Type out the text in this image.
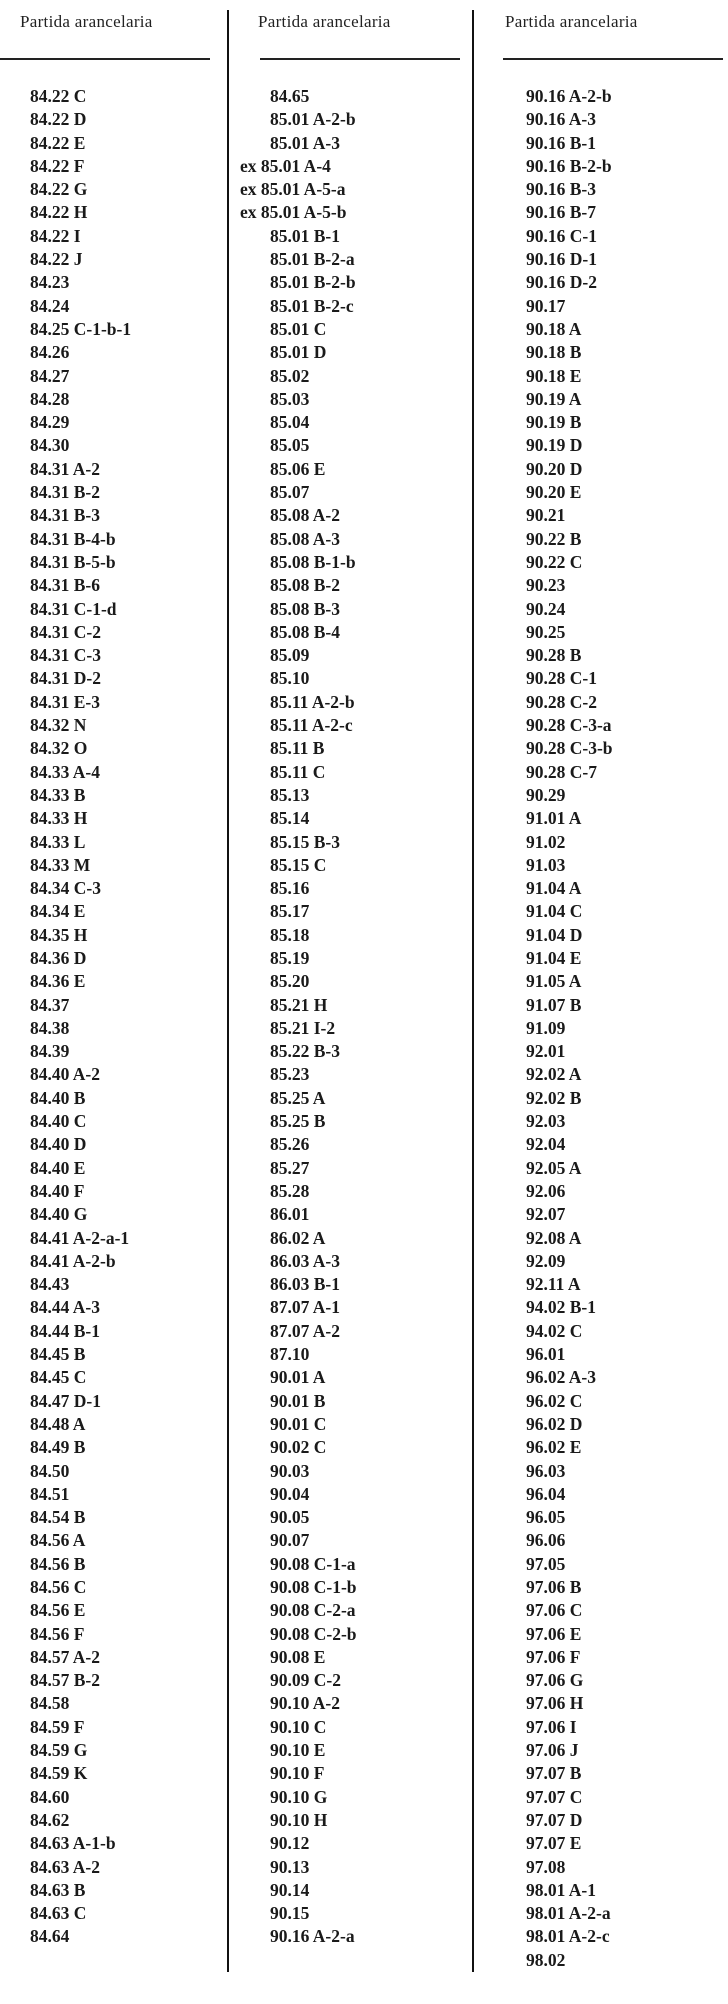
Partida arancelaria
84.22 C
84.22 D
84.22 E
84.22 F
84.22 G
84.22 H
84.22 I
84.22 J
84.23
84.24
84.25 C-1-b-1
84.26
84.27
84.28
84.29
84.30
84.31 A-2
84.31 B-2
84.31 B-3
84.31 B-4-b
84.31 B-5-b
84.31 B-6
84.31 C-1-d
84.31 C-2
84.31 C-3
84.31 D-2
84.31 E-3
84.32 N
84.32 O
84.33 A-4
84.33 B
84.33 H
84.33 L
84.33 M
84.34 C-3
84.34 E
84.35 H
84.36 D
84.36 E
84.37
84.38
84.39
84.40 A-2
84.40 B
84.40 C
84.40 D
84.40 E
84.40 F
84.40 G
84.41 A-2-a-1
84.41 A-2-b
84.43
84.44 A-3
84.44 B-1
84.45 B
84.45 C
84.47 D-1
84.48 A
84.49 B
84.50
84.51
84.54 B
84.56 A
84.56 B
84.56 C
84.56 E
84.56 F
84.57 A-2
84.57 B-2
84.58
84.59 F
84.59 G
84.59 K
84.60
84.62
84.63 A-1-b
84.63 A-2
84.63 B
84.63 C
84.64
Partida arancelaria
84.65
85.01 A-2-b
85.01 A-3
ex 85.01 A-4
ex 85.01 A-5-a
ex 85.01 A-5-b
85.01 B-1
85.01 B-2-a
85.01 B-2-b
85.01 B-2-c
85.01 C
85.01 D
85.02
85.03
85.04
85.05
85.06 E
85.07
85.08 A-2
85.08 A-3
85.08 B-1-b
85.08 B-2
85.08 B-3
85.08 B-4
85.09
85.10
85.11 A-2-b
85.11 A-2-c
85.11 B
85.11 C
85.13
85.14
85.15 B-3
85.15 C
85.16
85.17
85.18
85.19
85.20
85.21 H
85.21 I-2
85.22 B-3
85.23
85.25 A
85.25 B
85.26
85.27
85.28
86.01
86.02 A
86.03 A-3
86.03 B-1
87.07 A-1
87.07 A-2
87.10
90.01 A
90.01 B
90.01 C
90.02 C
90.03
90.04
90.05
90.07
90.08 C-1-a
90.08 C-1-b
90.08 C-2-a
90.08 C-2-b
90.08 E
90.09 C-2
90.10 A-2
90.10 C
90.10 E
90.10 F
90.10 G
90.10 H
90.12
90.13
90.14
90.15
90.16 A-2-a
Partida arancelaria
90.16 A-2-b
90.16 A-3
90.16 B-1
90.16 B-2-b
90.16 B-3
90.16 B-7
90.16 C-1
90.16 D-1
90.16 D-2
90.17
90.18 A
90.18 B
90.18 E
90.19 A
90.19 B
90.19 D
90.20 D
90.20 E
90.21
90.22 B
90.22 C
90.23
90.24
90.25
90.28 B
90.28 C-1
90.28 C-2
90.28 C-3-a
90.28 C-3-b
90.28 C-7
90.29
91.01 A
91.02
91.03
91.04 A
91.04 C
91.04 D
91.04 E
91.05 A
91.07 B
91.09
92.01
92.02 A
92.02 B
92.03
92.04
92.05 A
92.06
92.07
92.08 A
92.09
92.11 A
94.02 B-1
94.02 C
96.01
96.02 A-3
96.02 C
96.02 D
96.02 E
96.03
96.04
96.05
96.06
97.05
97.06 B
97.06 C
97.06 E
97.06 F
97.06 G
97.06 H
97.06 I
97.06 J
97.07 B
97.07 C
97.07 D
97.07 E
97.08
98.01 A-1
98.01 A-2-a
98.01 A-2-c
98.02
